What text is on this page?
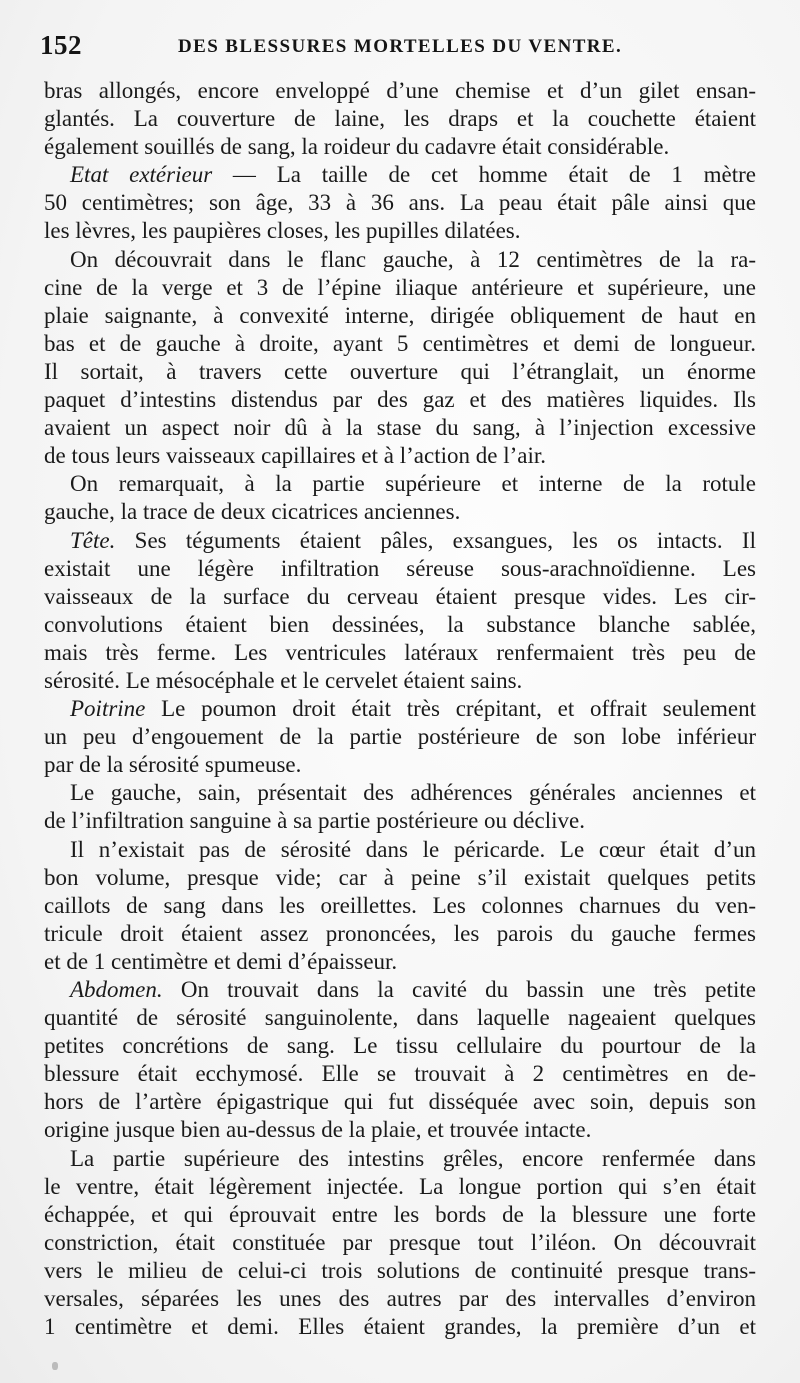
152	DES BLESSURES MORTELLES DU VENTRE.
bras allongés, encore enveloppé d’une chemise et d’un gilet ensan-
glantés. La couverture de laine, les draps et la couchette étaient
également souillés de sang, la roideur du cadavre était considérable.
Etat extérieur — La taille de cet homme était de 1 mètre
50 centimètres; son âge, 33 à 36 ans. La peau était pâle ainsi que
les lèvres, les paupières closes, les pupilles dilatées.
On découvrait dans le flanc gauche, à 12 centimètres de la ra-
cine de la verge et 3 de l’épine iliaque antérieure et supérieure, une
plaie saignante, à convexité interne, dirigée obliquement de haut en
bas et de gauche à droite, ayant 5 centimètres et demi de longueur.
Il sortait, à travers cette ouverture qui l’étranglait, un énorme
paquet d’intestins distendus par des gaz et des matières liquides. Ils
avaient un aspect noir dû à la stase du sang, à l’injection excessive
de tous leurs vaisseaux capillaires et à l’action de l’air.
On remarquait, à la partie supérieure et interne de la rotule
gauche, la trace de deux cicatrices anciennes.
Tête. Ses téguments étaient pâles, exsangues, les os intacts. Il
existait une légère infiltration séreuse sous-arachnoïdienne. Les
vaisseaux de la surface du cerveau étaient presque vides. Les cir-
convolutions étaient bien dessinées, la substance blanche sablée,
mais très ferme. Les ventricules latéraux renfermaient très peu de
sérosité. Le mésocéphale et le cervelet étaient sains.
Poitrine Le poumon droit était très crépitant, et offrait seulement
un peu d’engouement de la partie postérieure de son lobe inférieur
par de la sérosité spumeuse.
Le gauche, sain, présentait des adhérences générales anciennes et
de l’infiltration sanguine à sa partie postérieure ou déclive.
Il n’existait pas de sérosité dans le péricarde. Le cœur était d’un
bon volume, presque vide; car à peine s’il existait quelques petits
caillots de sang dans les oreillettes. Les colonnes charnues du ven-
tricule droit étaient assez prononcées, les parois du gauche fermes
et de 1 centimètre et demi d’épaisseur.
Abdomen. On trouvait dans la cavité du bassin une très petite
quantité de sérosité sanguinolente, dans laquelle nageaient quelques
petites concrétions de sang. Le tissu cellulaire du pourtour de la
blessure était ecchymosé. Elle se trouvait à 2 centimètres en de-
hors de l’artère épigastrique qui fut disséquée avec soin, depuis son
origine jusque bien au-dessus de la plaie, et trouvée intacte.
La partie supérieure des intestins grêles, encore renfermée dans
le ventre, était légèrement injectée. La longue portion qui s’en était
échappée, et qui éprouvait entre les bords de la blessure une forte
constriction, était constituée par presque tout l’iléon. On découvrait
vers le milieu de celui-ci trois solutions de continuité presque trans-
versales, séparées les unes des autres par des intervalles d’environ
1 centimètre et demi. Elles étaient grandes, la première d’un et
